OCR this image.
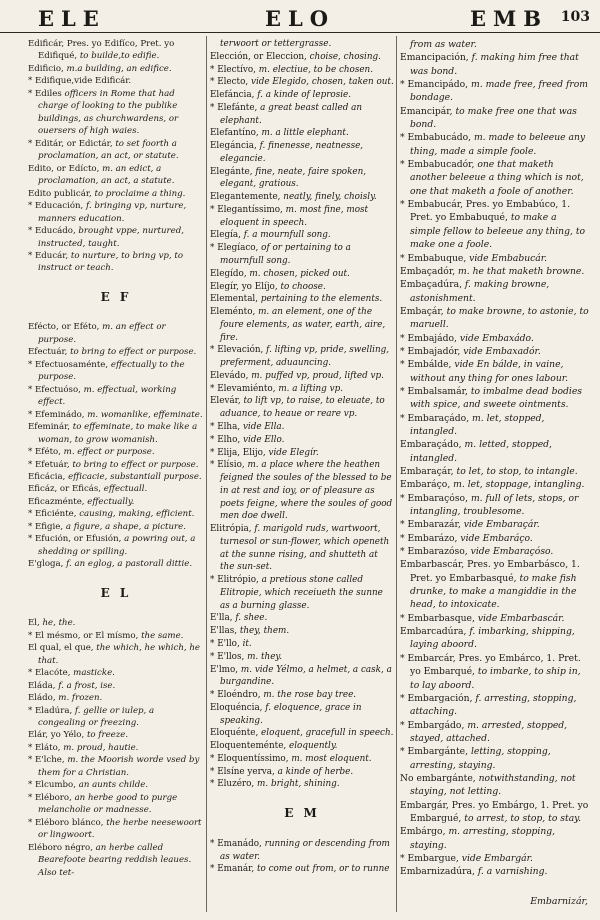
ELE	ELO	EMB 103

Edificár, Pres. yo Edifíco, Pret. yo Edifiqué, to builde,to edifie.

Edificio, m.a building, an edifice.

* Edifique,vide Edificár.

* Ediles officers in Rome that had charge of looking to the publike buildings, as churchwardens, or ouersers of high waies.

* Editár, or Edictár, to set foorth a proclamation, an act, or statute.

Edito, or Edícto, m. an edict, a proclamation, an act, a statute.

Edito publicár, to proclaime a thing.

* Educación, f. bringing vp, nurture, manners education.

* Educádo, brought vppe, nurtured, instructed, taught.

* Educár, to nurture, to bring vp, to instruct or teach.

E F

Efécto, or Eféto, m. an effect or purpose.

Efectuár, to bring to effect or purpose.

* Efectuosaménte, effectually to the purpose.

* Efectuóso, m. effectual, working effect.

* Efeminádo, m. womanlike, effeminate.

Efeminár, to effeminate, to make like a woman, to grow womanish.

* Eféto, m. effect or purpose.

* Efetuár, to bring to effect or purpose.

Eficácia, efficacie, substantiall purpose.

Eficáz, or Eficás, effectuall.

Eficazménte, effectually.

* Eficiénte, causing, making, efficient.

* Efigie, a figure, a shape, a picture.

* Efución, or Efusión, a powring out, a shedding or spilling.

E'gloga, f. an eglog, a pastorall dittie.

E L

El, he, the.

* El mésmo, or El mísmo, the same.

El qual, el que, the which, he which, he that.

* Elacóte, masticke.

Eláda, f. a frost, ise.

Eládo, m. frozen.

* Eladúra, f. gellie or iulep, a congealing or freezing.

Elár, yo Yélo, to freeze.

* Eláto, m. proud, hautie.

* E'lche, m. the Moorish worde vsed by them for a Christian.

* Elcumbo, an aunts childe.

* Eléboro, an herbe good to purge melancholie or madnesse.

* Eléboro blánco, the herbe neesewoort or lingwoort.

Eléboro négro, an herbe called Bearefoote bearing reddish leaues. Also tet-

terwoort or tettergrasse.

Elección, or Eleccion, choise, chosing.

* Electívo, m. electiue, to be chosen.

* Electo, vide Elegido, chosen, taken out.

Elefáncia, f. a kinde of leprosie.

* Elefánte, a great beast called an elephant.

Elefantíno, m. a little elephant.

Elegáncia, f. finenesse, neatnesse, elegancie.

Elegánte, fine, neate, faire spoken, elegant, gratious.

Elegantemente, neatly, finely, choisly.

* Elegantíssimo, m. most fine, most eloquent in speech.

Elegía, f. a mournfull song.

* Elegíaco, of or pertaining to a mournfull song.

Elegído, m. chosen, picked out.

Elegír, yo Elíjo, to choose.

Elemental, pertaining to the elements.

Eleménto, m. an element, one of the foure elements, as water, earth, aire, fire.

* Elevación, f. lifting vp, pride, swelling, preferment, aduauncing.

Elevádo, m. puffed vp, proud, lifted vp.

* Elevamiénto, m. a lifting vp.

Elevár, to lift vp, to raise, to eleuate, to aduance, to heaue or reare vp.

* Elha, vide Ella.

* Elho, vide Ello.

* Elija, Elijo, vide Elegír.

* Elísio, m. a place where the heathen feigned the soules of the blessed to be in at rest and ioy, or of pleasure as poets feigne, where the soules of good men doe dwell.

Elitrópia, f. marigold ruds, wartwoort, turnesol or sun-flower, which openeth at the sunne rising, and shutteth at the sun-set.

* Elitrópio, a pretious stone called Elitropie, which receiueth the sunne as a burning glasse.

E'lla, f. shee.

E'llas, they, them.

* E'llo, it.

* E'llos, m. they.

E'lmo, m. vide Yélmo, a helmet, a cask, a burgandine.

* Eloéndro, m. the rose bay tree.

Eloquéncia, f. eloquence, grace in speaking.

Eloquénte, eloquent, gracefull in speech.

Eloquenteménte, eloquently.

* Eloquentíssimo, m. most eloquent.

* Elsíne yerva, a kinde of herbe.

* Eluzéro, m. bright, shining.

E M

* Emanádo, running or descending from as water.

* Emanár, to come out from, or to runne

from as water.

Emancipación, f. making him free that was bond.

* Emancipádo, m. made free, freed from bondage.

Emancipár, to make free one that was bond.

* Embabucádo, m. made to beleeue any thing, made a simple foole.

* Embabucadór, one that maketh another beleeue a thing which is not, one that maketh a foole of another.

* Embabucár, Pres. yo Embabúco, 1. Pret. yo Embabuqué, to make a simple fellow to beleeue any thing, to make one a foole.

* Embabuque, vide Embabucár.

Embaçadór, m. he that maketh browne.

Embaçadúra, f. making browne, astonishment.

Embaçár, to make browne, to astonie, to maruell.

* Embajádo, vide Embaxádo.

* Embajadór, vide Embaxadór.

* Embálde, vide En bálde, in vaine, without any thing for ones labour.

* Embalsamár, to imbalme dead bodies with spice, and sweete ointments.

* Embaraçádo, m. let, stopped, intangled.

Embaraçádo, m. letted, stopped, intangled.

Embaraçár, to let, to stop, to intangle.

Embaráço, m. let, stoppage, intangling.

* Embaraçóso, m. full of lets, stops, or intangling, troublesome.

* Embarazár, vide Embaraçár.

* Embarázo, vide Embaráço.

* Embarazóso, vide Embaraçóso.

Embarbascár, Pres. yo Embarbásco, 1. Pret. yo Embarbasqué, to make fish drunke, to make a mangiddie in the head, to intoxicate.

* Embarbasque, vide Embarbascár.

Embarcadúra, f. imbarking, shipping, laying aboord.

* Embarcár, Pres. yo Embárco, 1. Pret. yo Embarqué, to imbarke, to ship in, to lay aboord.

* Embargación, f. arresting, stopping, attaching.

* Embargádo, m. arrested, stopped, stayed, attached.

* Embargánte, letting, stopping, arresting, staying.

No embargánte, notwithstanding, not staying, not letting.

Embargár, Pres. yo Embárgo, 1. Pret. yo Embargué, to arrest, to stop, to stay.

Embárgo, m. arresting, stopping, staying.

* Embargue, vide Embargár.

Embarnizadúra, f. a varnishing.

Embarnizár,
